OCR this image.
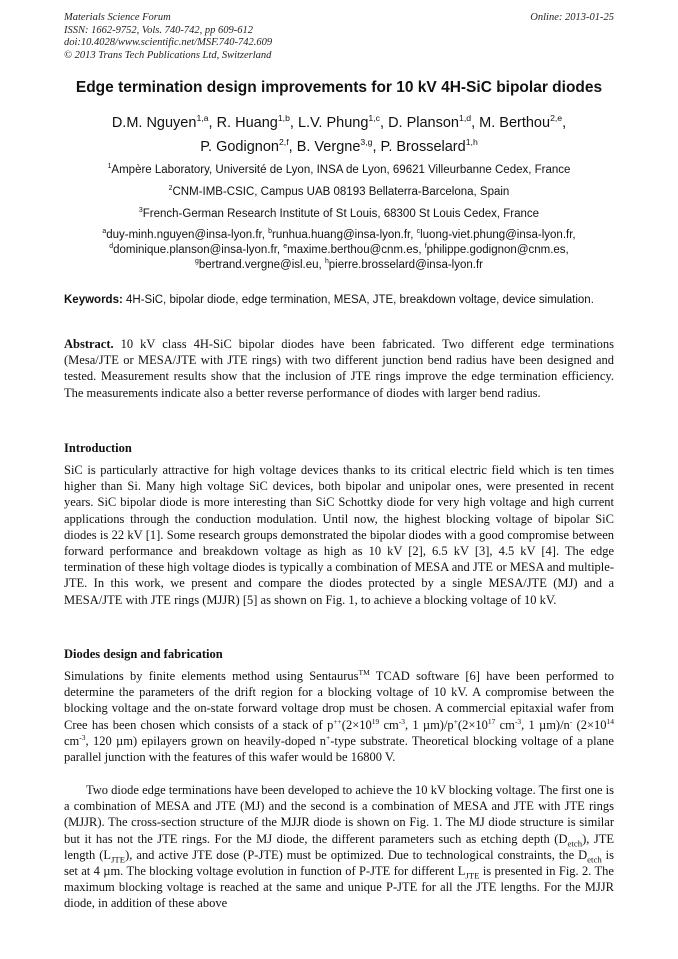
Materials Science Forum
ISSN: 1662-9752, Vols. 740-742, pp 609-612
doi:10.4028/www.scientific.net/MSF.740-742.609
© 2013 Trans Tech Publications Ltd, Switzerland
Online: 2013-01-25
Edge termination design improvements for 10 kV 4H-SiC bipolar diodes
D.M. Nguyen$^{1,a}$, R. Huang$^{1,b}$, L.V. Phung$^{1,c}$, D. Planson$^{1,d}$, M. Berthou$^{2,e}$,
P. Godignon$^{2,f}$, B. Vergne$^{3,g}$, P. Brosselard$^{1,h}$
$^1$Ampère Laboratory, Université de Lyon, INSA de Lyon, 69621 Villeurbanne Cedex, France
$^2$CNM-IMB-CSIC, Campus UAB 08193 Bellaterra-Barcelona, Spain
$^3$French-German Research Institute of St Louis, 68300 St Louis Cedex, France
$^a$duy-minh.nguyen@insa-lyon.fr, $^b$runhua.huang@insa-lyon.fr, $^c$luong-viet.phung@insa-lyon.fr,
$^d$dominique.planson@insa-lyon.fr, $^e$maxime.berthou@cnm.es, $^f$philippe.godignon@cnm.es,
$^g$bertrand.vergne@isl.eu, $^h$pierre.brosselard@insa-lyon.fr
Keywords: 4H-SiC, bipolar diode, edge termination, MESA, JTE, breakdown voltage, device simulation.
Abstract. 10 kV class 4H-SiC bipolar diodes have been fabricated. Two different edge terminations (Mesa/JTE or MESA/JTE with JTE rings) with two different junction bend radius have been designed and tested. Measurement results show that the inclusion of JTE rings improve the edge termination efficiency. The measurements indicate also a better reverse performance of diodes with larger bend radius.
Introduction
SiC is particularly attractive for high voltage devices thanks to its critical electric field which is ten times higher than Si. Many high voltage SiC devices, both bipolar and unipolar ones, were presented in recent years. SiC bipolar diode is more interesting than SiC Schottky diode for very high voltage and high current applications through the conduction modulation. Until now, the highest blocking voltage of bipolar SiC diodes is 22 kV [1]. Some research groups demonstrated the bipolar diodes with a good compromise between forward performance and breakdown voltage as high as 10 kV [2], 6.5 kV [3], 4.5 kV [4]. The edge termination of these high voltage diodes is typically a combination of MESA and JTE or MESA and multiple-JTE. In this work, we present and compare the diodes protected by a single MESA/JTE (MJ) and a MESA/JTE with JTE rings (MJJR) [5] as shown on Fig. 1, to achieve a blocking voltage of 10 kV.
Diodes design and fabrication
Simulations by finite elements method using Sentaurus™ TCAD software [6] have been performed to determine the parameters of the drift region for a blocking voltage of 10 kV. A compromise between the blocking voltage and the on-state forward voltage drop must be chosen. A commercial epitaxial wafer from Cree has been chosen which consists of a stack of $p^{++}(2\times 10^{19}$ $cm^{-3}$, 1 $\mu m)/p^+(2\times 10^{17}$ $cm^{-3}$, 1 µm)/n- ($2\times 10^{14}$ $cm^{-3}$, 120 µm) epilayers grown on heavily-doped n+-type substrate. Theoretical blocking voltage of a plane parallel junction with the features of this wafer would be 16800 V.
Two diode edge terminations have been developed to achieve the 10 kV blocking voltage. The first one is a combination of MESA and JTE (MJ) and the second is a combination of MESA and JTE with JTE rings (MJJR). The cross-section structure of the MJJR diode is shown on Fig. 1. The MJ diode structure is similar but it has not the JTE rings. For the MJ diode, the different parameters such as etching depth $(D_{etch})$, JTE length $(L_{JTE})$, and active JTE dose (P-JTE) must be optimized. Due to technological constraints, the $D_{etch}$ is set at 4 µm. The blocking voltage evolution in function of P-JTE for different $L_{JTE}$ is presented in Fig. 2. The maximum blocking voltage is reached at the same and unique P-JTE for all the JTE lengths. For the MJJR diode, in addition of these above
